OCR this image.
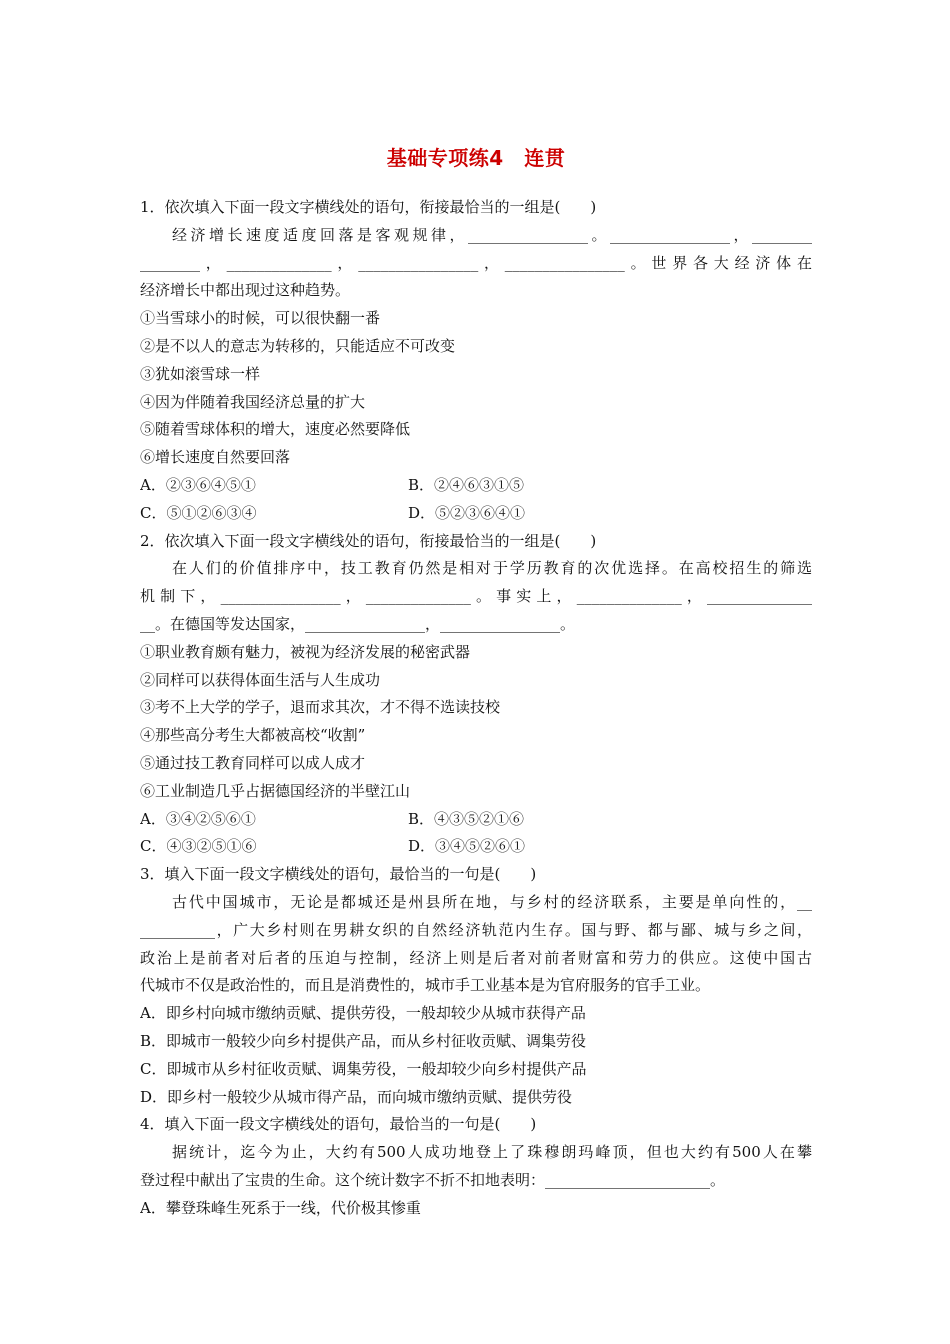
基础专项练4　连贯
1．依次填入下面一段文字横线处的语句，衔接最恰当的一组是(　　)
经济增长速度适度回落是客观规律，________________。________________，________
________，______________，________________，________________。世界各大经济体在
经济增长中都出现过这种趋势。
①当雪球小的时候，可以很快翻一番
②是不以人的意志为转移的，只能适应不可改变
③犹如滚雪球一样
④因为伴随着我国经济总量的扩大
⑤随着雪球体积的增大，速度必然要降低
⑥增长速度自然要回落
A．②③⑥④⑤①	B．②④⑥③①⑤
C．⑤①②⑥③④	D．⑤②③⑥④①
2．依次填入下面一段文字横线处的语句，衔接最恰当的一组是(　　)
在人们的价值排序中，技工教育仍然是相对于学历教育的次优选择。在高校招生的筛选
机制下，________________，______________。事实上，______________，______________
__。在德国等发达国家，________________，________________。
①职业教育颇有魅力，被视为经济发展的秘密武器
②同样可以获得体面生活与人生成功
③考不上大学的学子，退而求其次，才不得不选读技校
④那些高分考生大都被高校“收割”
⑤通过技工教育同样可以成人成才
⑥工业制造几乎占据德国经济的半壁江山
A．③④②⑤⑥①	B．④③⑤②①⑥
C．④③②⑤①⑥	D．③④⑤②⑥①
3．填入下面一段文字横线处的语句，最恰当的一句是(　　)
古代中国城市，无论是都城还是州县所在地，与乡村的经济联系，主要是单向性的，__
__________，广大乡村则在男耕女织的自然经济轨范内生存。国与野、都与鄙、城与乡之间，
政治上是前者对后者的压迫与控制，经济上则是后者对前者财富和劳力的供应。这使中国古
代城市不仅是政治性的，而且是消费性的，城市手工业基本是为官府服务的官手工业。
A．即乡村向城市缴纳贡赋、提供劳役，一般却较少从城市获得产品
B．即城市一般较少向乡村提供产品，而从乡村征收贡赋、调集劳役
C．即城市从乡村征收贡赋、调集劳役，一般却较少向乡村提供产品
D．即乡村一般较少从城市得产品，而向城市缴纳贡赋、提供劳役
4．填入下面一段文字横线处的语句，最恰当的一句是(　　)
据统计，迄今为止，大约有500人成功地登上了珠穆朗玛峰顶，但也大约有500人在攀
登过程中献出了宝贵的生命。这个统计数字不折不扣地表明：______________________。
A．攀登珠峰生死系于一线，代价极其惨重
